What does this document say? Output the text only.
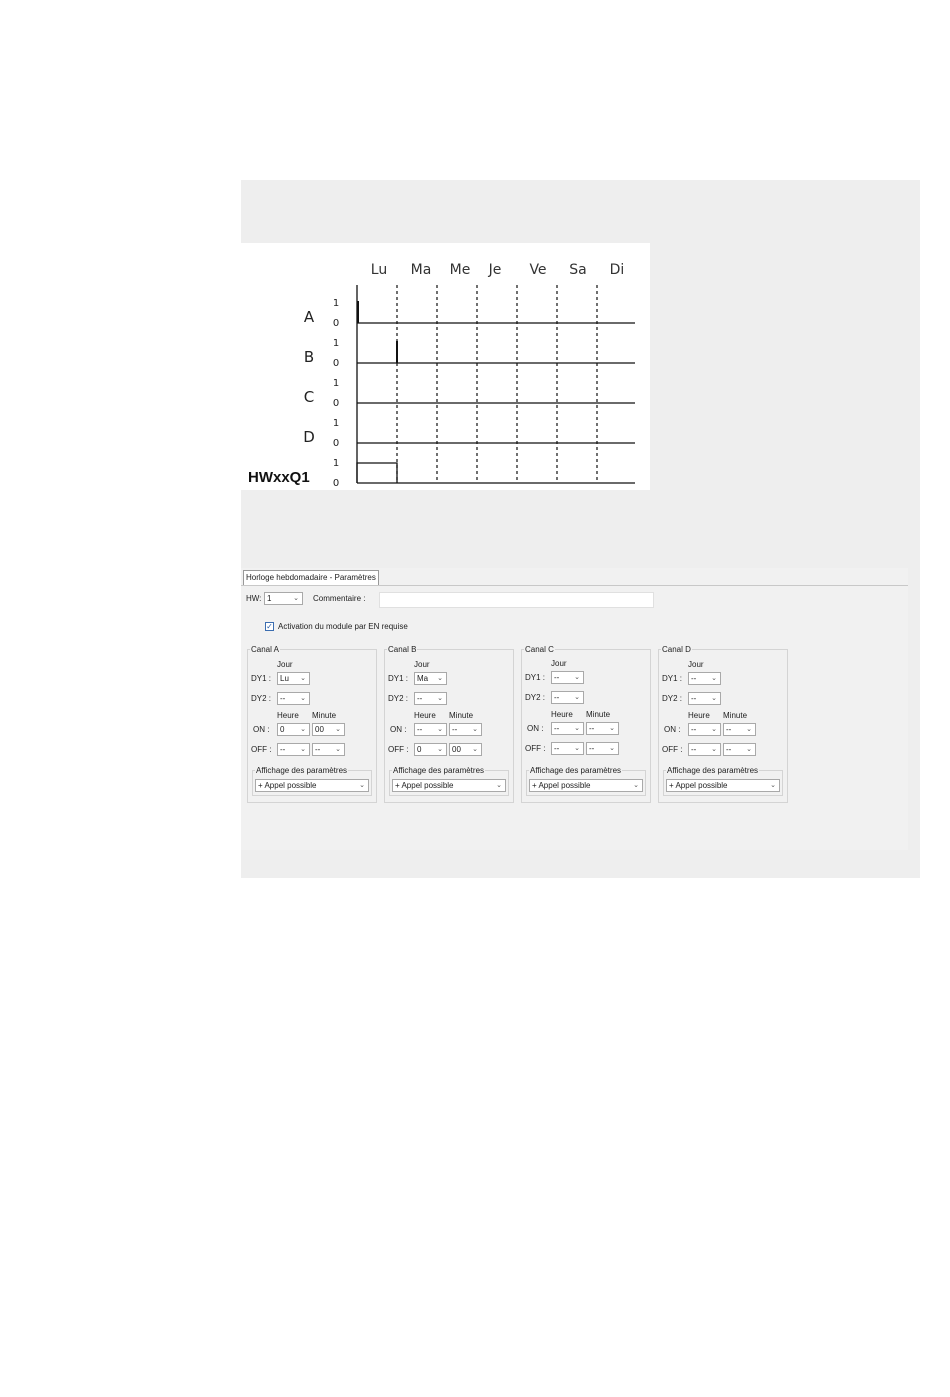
Lu Ma Me Je Ve Sa Di
A
B
C
D
HWxxQ1
1
0
1
0
1
0
1
0
1
0
Horloge hebdomadaire - Paramètres
HW: 1	⌄ Commentaire :
✓ Activation du module par EN requise
Canal A
Jour
DY1 :	Lu ⌄
DY2 :	-- ⌄
Heure Minute
ON :	0 ⌄	00 ⌄
OFF :	-- ⌄	-- ⌄
Affichage des paramètres
+ Appel possible	⌄
Canal B
Jour
DY1 :	Ma ⌄
DY2 :	-- ⌄
Heure Minute
ON :	-- ⌄	-- ⌄
OFF :	0 ⌄	00 ⌄
Affichage des paramètres
+ Appel possible	⌄
Canal C
Jour
DY1 :	-- ⌄
DY2 :	-- ⌄
Heure Minute
ON :	-- ⌄	-- ⌄
OFF :	-- ⌄	-- ⌄
Affichage des paramètres
+ Appel possible	⌄
Canal D
Jour
DY1 :	-- ⌄
DY2 :	-- ⌄
Heure Minute
ON :	-- ⌄	-- ⌄
OFF :	-- ⌄	-- ⌄
Affichage des paramètres
+ Appel possible	⌄
